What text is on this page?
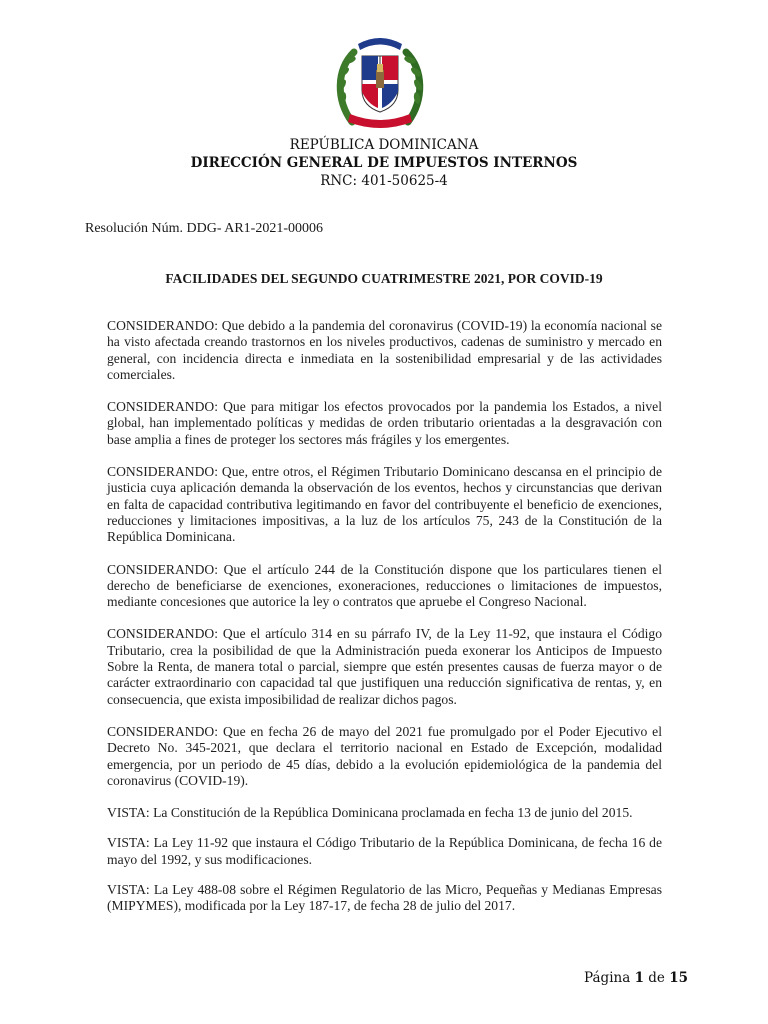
REPÚBLICA DOMINICANA
DIRECCIÓN GENERAL DE IMPUESTOS INTERNOS
RNC: 401-50625-4
Resolución Núm. DDG- AR1-2021-00006
FACILIDADES DEL SEGUNDO CUATRIMESTRE 2021, POR COVID-19

CONSIDERANDO: Que debido a la pandemia del coronavirus (COVID-19) la economía nacional se ha visto afectada creando trastornos en los niveles productivos, cadenas de suministro y mercado en general, con incidencia directa e inmediata en la sostenibilidad empresarial y de las actividades comerciales.

CONSIDERANDO: Que para mitigar los efectos provocados por la pandemia los Estados, a nivel global, han implementado políticas y medidas de orden tributario orientadas a la desgravación con base amplia a fines de proteger los sectores más frágiles y los emergentes.

CONSIDERANDO: Que, entre otros, el Régimen Tributario Dominicano descansa en el principio de justicia cuya aplicación demanda la observación de los eventos, hechos y circunstancias que derivan en falta de capacidad contributiva legitimando en favor del contribuyente el beneficio de exenciones, reducciones y limitaciones impositivas, a la luz de los artículos 75, 243 de la Constitución de la República Dominicana.

CONSIDERANDO: Que el artículo 244 de la Constitución dispone que los particulares tienen el derecho de beneficiarse de exenciones, exoneraciones, reducciones o limitaciones de impuestos, mediante concesiones que autorice la ley o contratos que apruebe el Congreso Nacional.

CONSIDERANDO: Que el artículo 314 en su párrafo IV, de la Ley 11-92, que instaura el Código Tributario, crea la posibilidad de que la Administración pueda exonerar los Anticipos de Impuesto Sobre la Renta, de manera total o parcial, siempre que estén presentes causas de fuerza mayor o de carácter extraordinario con capacidad tal que justifiquen una reducción significativa de rentas, y, en consecuencia, que exista imposibilidad de realizar dichos pagos.

CONSIDERANDO: Que en fecha 26 de mayo del 2021 fue promulgado por el Poder Ejecutivo el Decreto No. 345-2021, que declara el territorio nacional en Estado de Excepción, modalidad emergencia, por un periodo de 45 días, debido a la evolución epidemiológica de la pandemia del coronavirus (COVID-19).

VISTA: La Constitución de la República Dominicana proclamada en fecha 13 de junio del 2015.

VISTA: La Ley 11-92 que instaura el Código Tributario de la República Dominicana, de fecha 16 de mayo del 1992, y sus modificaciones.

VISTA: La Ley 488-08 sobre el Régimen Regulatorio de las Micro, Pequeñas y Medianas Empresas (MIPYMES), modificada por la Ley 187-17, de fecha 28 de julio del 2017.

Página 1 de 15
